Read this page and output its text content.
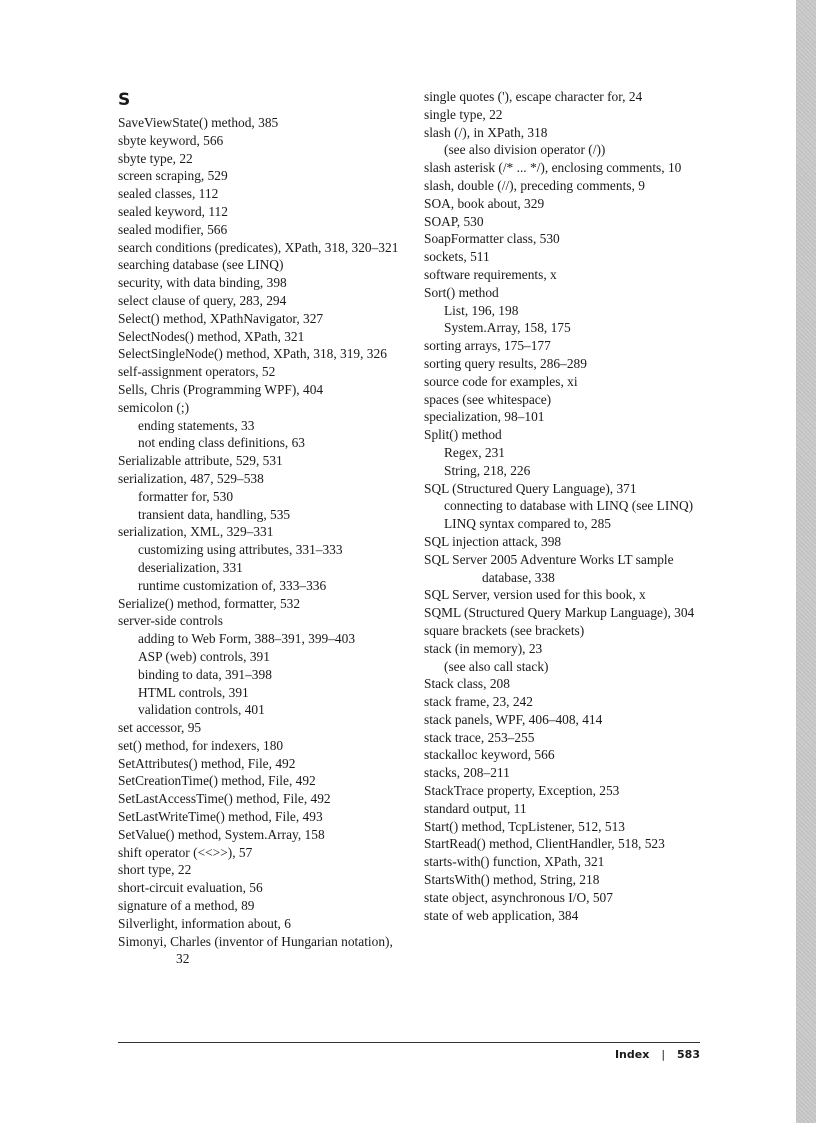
S
SaveViewState() method, 385
sbyte keyword, 566
sbyte type, 22
screen scraping, 529
sealed classes, 112
sealed keyword, 112
sealed modifier, 566
search conditions (predicates), XPath, 318, 320–321
searching database (see LINQ)
security, with data binding, 398
select clause of query, 283, 294
Select() method, XPathNavigator, 327
SelectNodes() method, XPath, 321
SelectSingleNode() method, XPath, 318, 319, 326
self-assignment operators, 52
Sells, Chris (Programming WPF), 404
semicolon (;)
ending statements, 33
not ending class definitions, 63
Serializable attribute, 529, 531
serialization, 487, 529–538
formatter for, 530
transient data, handling, 535
serialization, XML, 329–331
customizing using attributes, 331–333
deserialization, 331
runtime customization of, 333–336
Serialize() method, formatter, 532
server-side controls
adding to Web Form, 388–391, 399–403
ASP (web) controls, 391
binding to data, 391–398
HTML controls, 391
validation controls, 401
set accessor, 95
set() method, for indexers, 180
SetAttributes() method, File, 492
SetCreationTime() method, File, 492
SetLastAccessTime() method, File, 492
SetLastWriteTime() method, File, 493
SetValue() method, System.Array, 158
shift operator (<<>>), 57
short type, 22
short-circuit evaluation, 56
signature of a method, 89
Silverlight, information about, 6
Simonyi, Charles (inventor of Hungarian notation), 32
single quotes ('), escape character for, 24
single type, 22
slash (/), in XPath, 318
(see also division operator (/))
slash asterisk (/* ... */), enclosing comments, 10
slash, double (//), preceding comments, 9
SOA, book about, 329
SOAP, 530
SoapFormatter class, 530
sockets, 511
software requirements, x
Sort() method
List, 196, 198
System.Array, 158, 175
sorting arrays, 175–177
sorting query results, 286–289
source code for examples, xi
spaces (see whitespace)
specialization, 98–101
Split() method
Regex, 231
String, 218, 226
SQL (Structured Query Language), 371
connecting to database with LINQ (see LINQ)
LINQ syntax compared to, 285
SQL injection attack, 398
SQL Server 2005 Adventure Works LT sample database, 338
SQL Server, version used for this book, x
SQML (Structured Query Markup Language), 304
square brackets (see brackets)
stack (in memory), 23
(see also call stack)
Stack class, 208
stack frame, 23, 242
stack panels, WPF, 406–408, 414
stack trace, 253–255
stackalloc keyword, 566
stacks, 208–211
StackTrace property, Exception, 253
standard output, 11
Start() method, TcpListener, 512, 513
StartRead() method, ClientHandler, 518, 523
starts-with() function, XPath, 321
StartsWith() method, String, 218
state object, asynchronous I/O, 507
state of web application, 384
Index | 583
